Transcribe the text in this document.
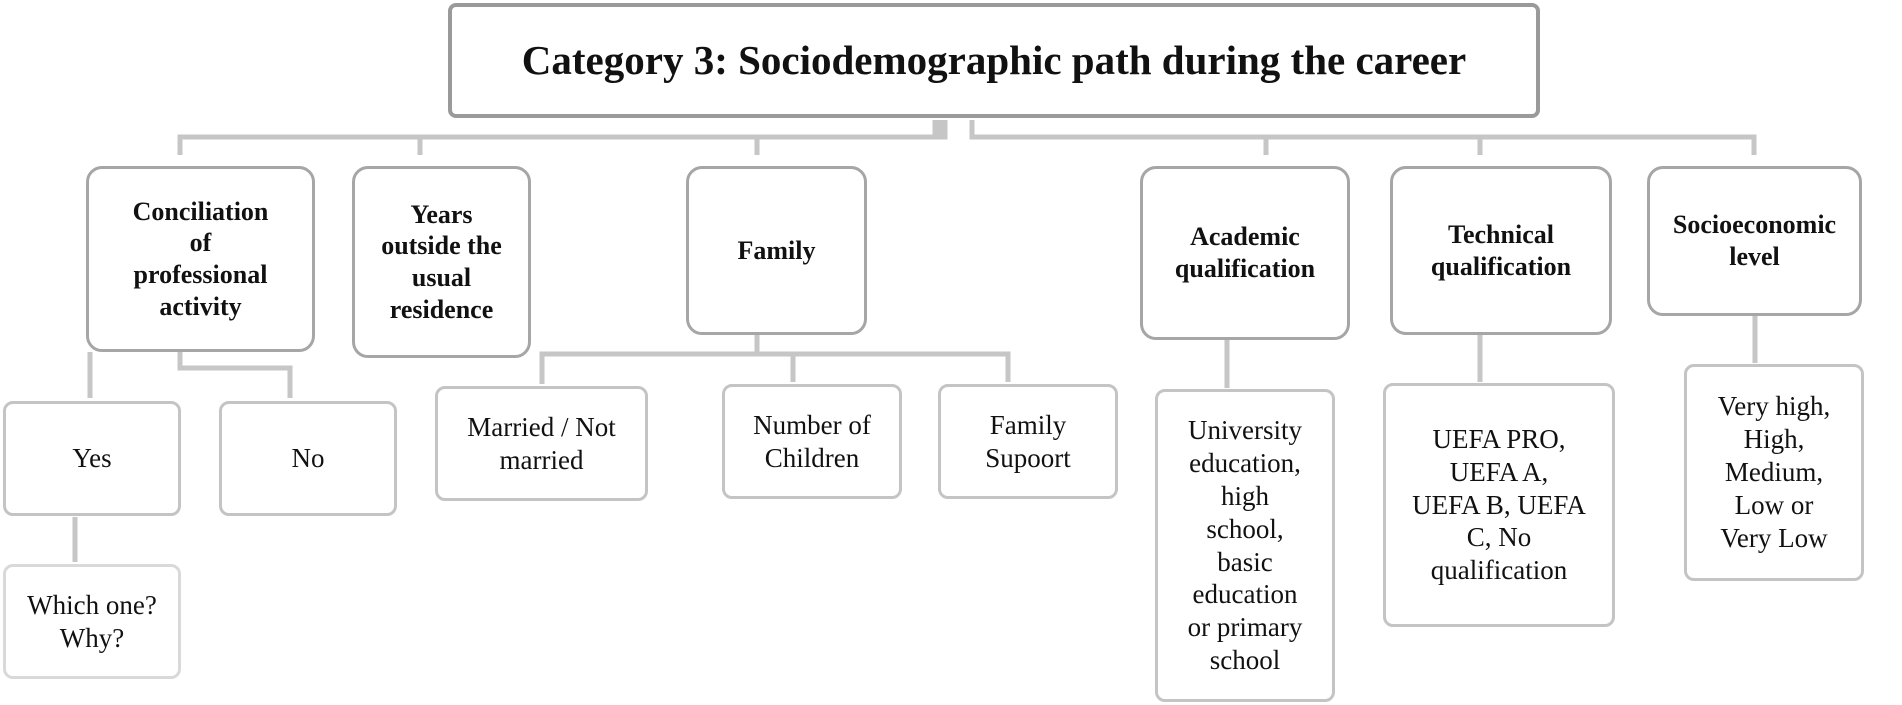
Category 3: Sociodemographic path during the career
Conciliation
of
professional
activity
Years
outside the
usual
residence
Family	Academic
qualification
Technical
qualification
Socioeconomic
level
Yes	No
Married / Not
married
Number of
Children
Family
Supoort
University
education,
high
school,
basic
education
or primary
school
UEFA PRO,
UEFA A,
UEFA B, UEFA
C, No
qualification
Very high,
High,
Medium,
Low or
Very Low
Which one?
Why?
